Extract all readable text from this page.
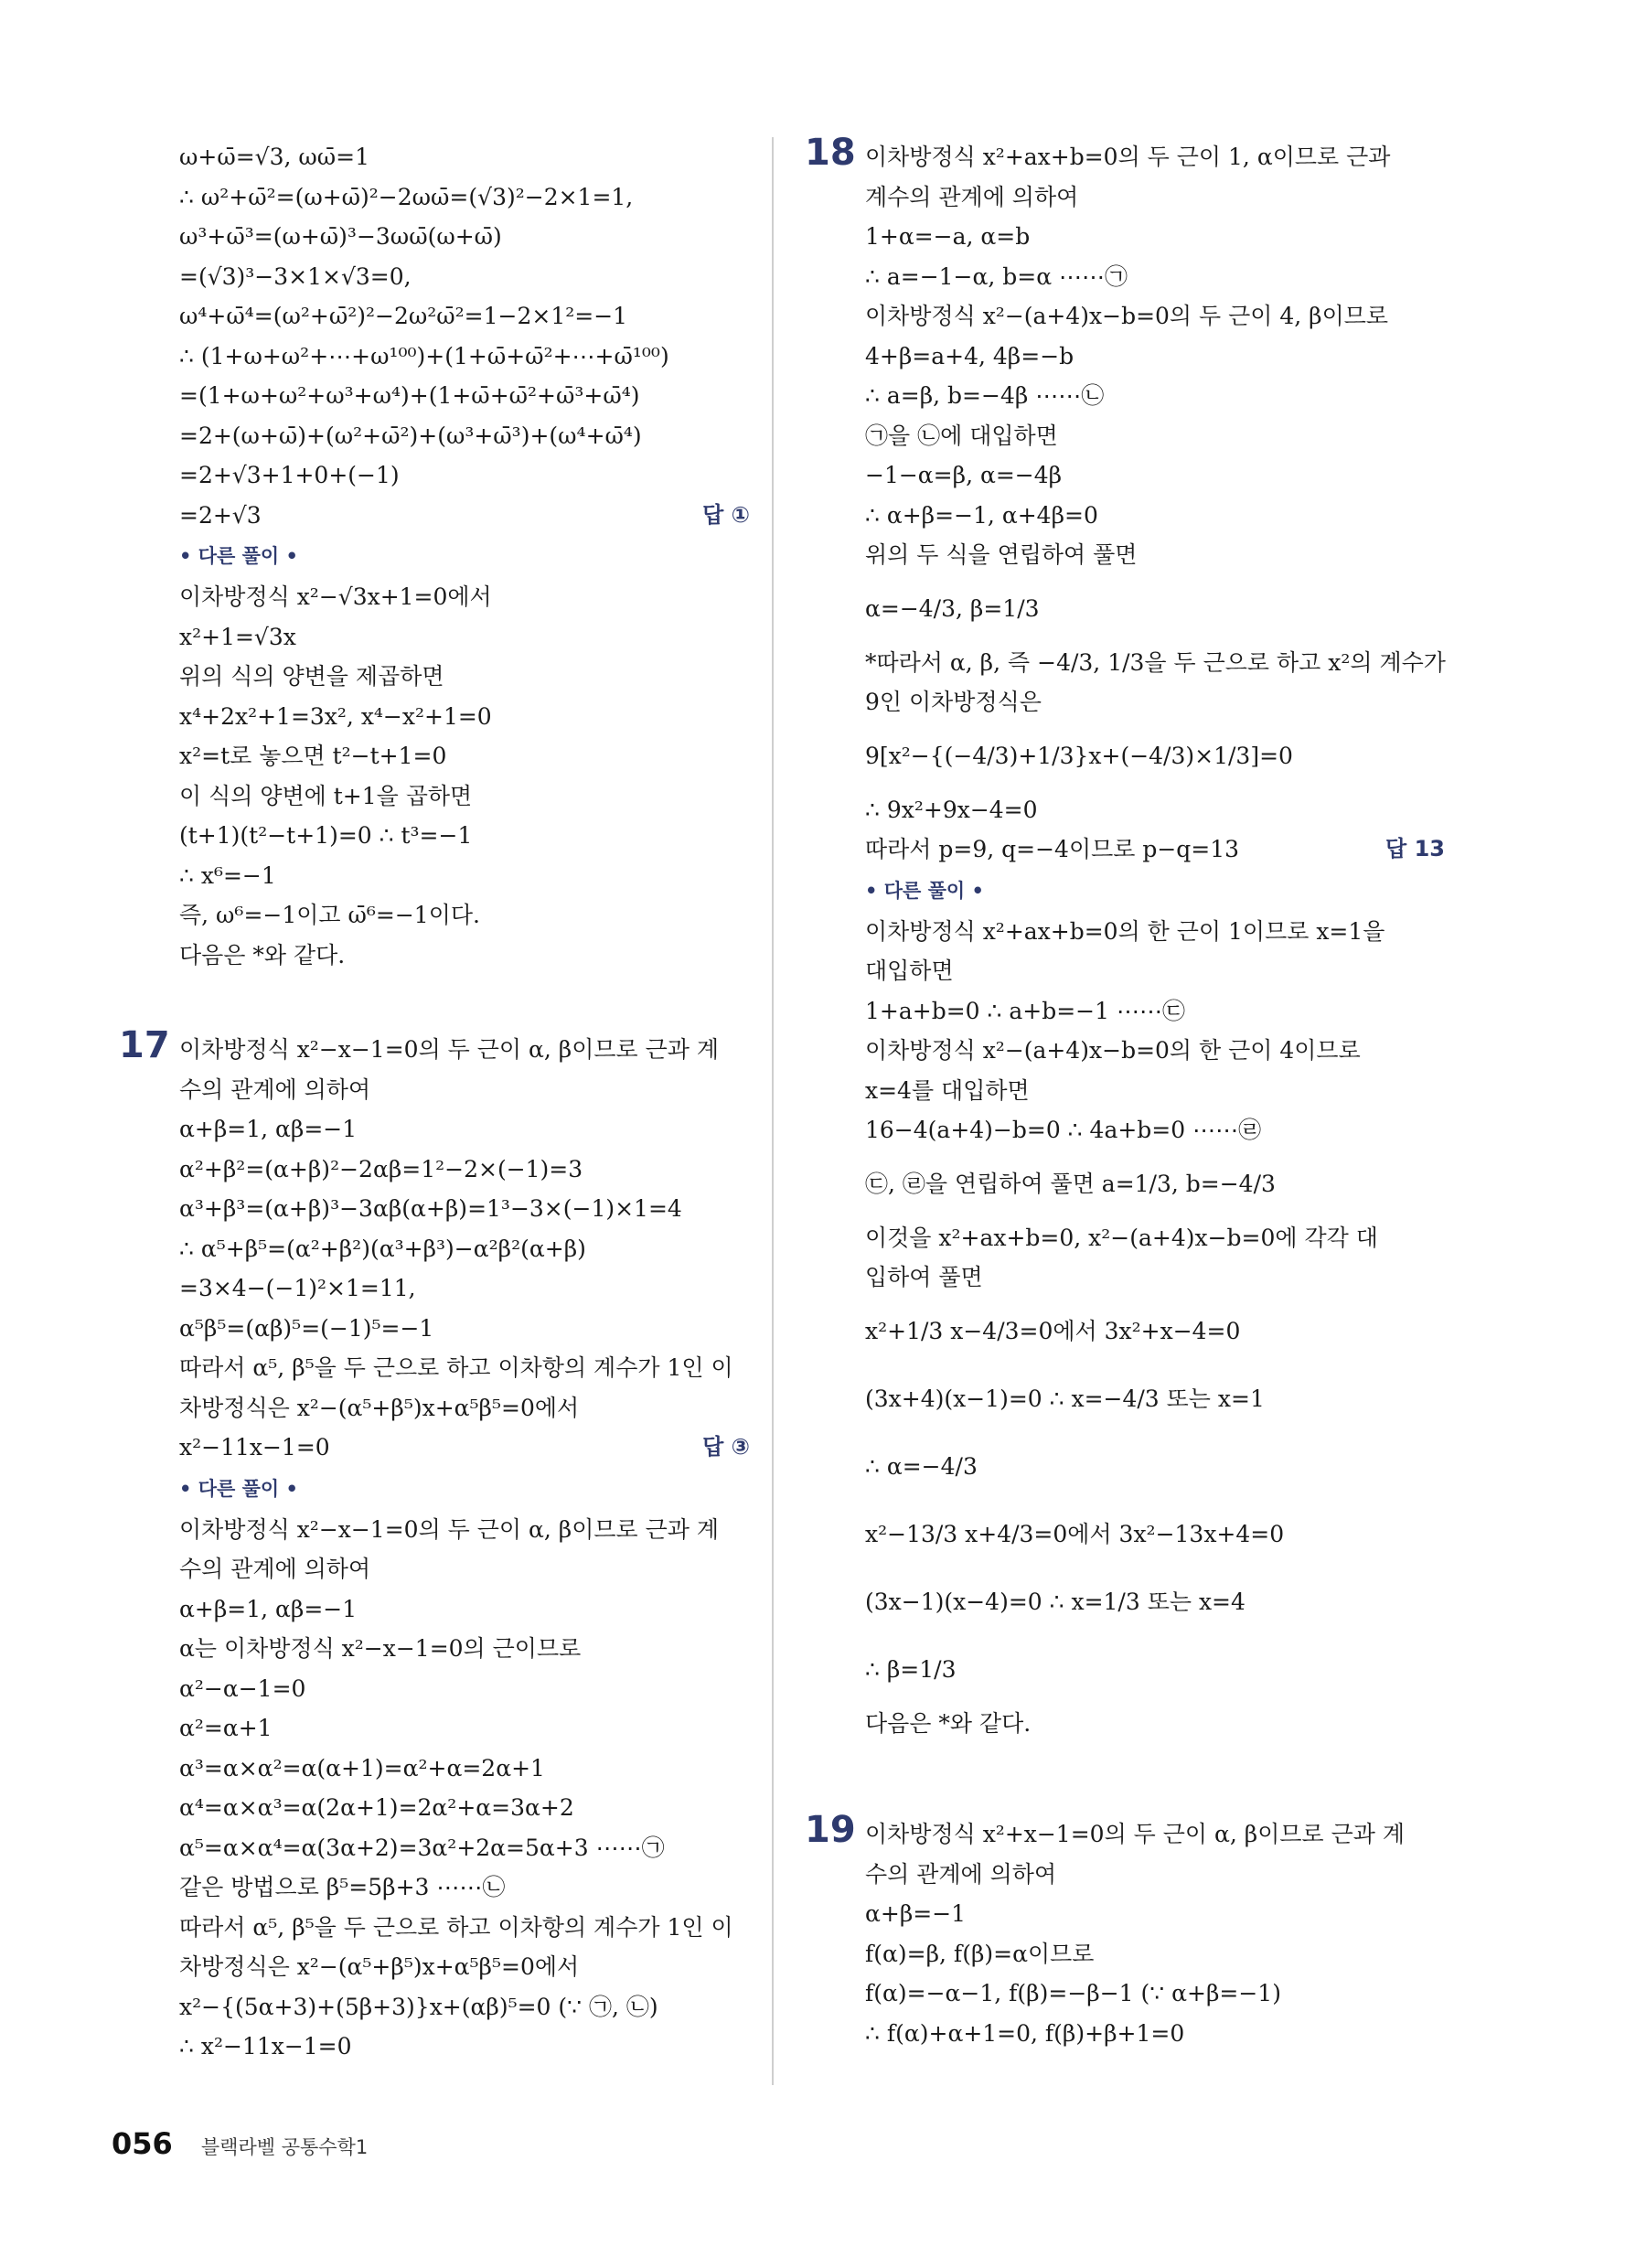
ω+ω̄=√3, ωω̄=1
∴ ω²+ω̄²=(ω+ω̄)²−2ωω̄=(√3)²−2×1=1,
ω³+ω̄³=(ω+ω̄)³−3ωω̄(ω+ω̄)
=(√3)³−3×1×√3=0,
ω⁴+ω̄⁴=(ω²+ω̄²)²−2ω²ω̄²=1−2×1²=−1
∴ (1+ω+ω²+⋯+ω¹⁰⁰)+(1+ω̄+ω̄²+⋯+ω̄¹⁰⁰)
=(1+ω+ω²+ω³+ω⁴)+(1+ω̄+ω̄²+ω̄³+ω̄⁴)
=2+(ω+ω̄)+(ω²+ω̄²)+(ω³+ω̄³)+(ω⁴+ω̄⁴)
=2+√3+1+0+(−1)
=2+√3	답 ①
• 다른 풀이 •
이차방정식 x²−√3x+1=0에서
x²+1=√3x
위의 식의 양변을 제곱하면
x⁴+2x²+1=3x², x⁴−x²+1=0
x²=t로 놓으면 t²−t+1=0
이 식의 양변에 t+1을 곱하면
(t+1)(t²−t+1)=0 ∴ t³=−1
∴ x⁶=−1
즉, ω⁶=−1이고 ω̄⁶=−1이다.
다음은 *와 같다.
17 이차방정식 x²−x−1=0의 두 근이 α, β이므로 근과 계
수의 관계에 의하여
α+β=1, αβ=−1
α²+β²=(α+β)²−2αβ=1²−2×(−1)=3
α³+β³=(α+β)³−3αβ(α+β)=1³−3×(−1)×1=4
∴ α⁵+β⁵=(α²+β²)(α³+β³)−α²β²(α+β)
=3×4−(−1)²×1=11,
α⁵β⁵=(αβ)⁵=(−1)⁵=−1
따라서 α⁵, β⁵을 두 근으로 하고 이차항의 계수가 1인 이
차방정식은 x²−(α⁵+β⁵)x+α⁵β⁵=0에서
x²−11x−1=0	답 ③
• 다른 풀이 •
이차방정식 x²−x−1=0의 두 근이 α, β이므로 근과 계
수의 관계에 의하여
α+β=1, αβ=−1
α는 이차방정식 x²−x−1=0의 근이므로
α²−α−1=0
α²=α+1
α³=α×α²=α(α+1)=α²+α=2α+1
α⁴=α×α³=α(2α+1)=2α²+α=3α+2
α⁵=α×α⁴=α(3α+2)=3α²+2α=5α+3 ⋯⋯㉠
같은 방법으로 β⁵=5β+3 ⋯⋯㉡
따라서 α⁵, β⁵을 두 근으로 하고 이차항의 계수가 1인 이
차방정식은 x²−(α⁵+β⁵)x+α⁵β⁵=0에서
x²−{(5α+3)+(5β+3)}x+(αβ)⁵=0 (∵ ㉠, ㉡)
∴ x²−11x−1=0
18 이차방정식 x²+ax+b=0의 두 근이 1, α이므로 근과
계수의 관계에 의하여
1+α=−a, α=b
∴ a=−1−α, b=α ⋯⋯㉠
이차방정식 x²−(a+4)x−b=0의 두 근이 4, β이므로
4+β=a+4, 4β=−b
∴ a=β, b=−4β ⋯⋯㉡
㉠을 ㉡에 대입하면
−1−α=β, α=−4β
∴ α+β=−1, α+4β=0
위의 두 식을 연립하여 풀면
α=−4/3, β=1/3
*따라서 α, β, 즉 −4/3, 1/3을 두 근으로 하고 x²의 계수가
9인 이차방정식은
9[x²−{(−4/3)+1/3}x+(−4/3)×1/3]=0
∴ 9x²+9x−4=0
따라서 p=9, q=−4이므로 p−q=13	답 13
• 다른 풀이 •
이차방정식 x²+ax+b=0의 한 근이 1이므로 x=1을
대입하면
1+a+b=0 ∴ a+b=−1 ⋯⋯㉢
이차방정식 x²−(a+4)x−b=0의 한 근이 4이므로
x=4를 대입하면
16−4(a+4)−b=0 ∴ 4a+b=0 ⋯⋯㉣
㉢, ㉣을 연립하여 풀면 a=1/3, b=−4/3
이것을 x²+ax+b=0, x²−(a+4)x−b=0에 각각 대
입하여 풀면
x²+1/3 x−4/3=0에서 3x²+x−4=0
(3x+4)(x−1)=0 ∴ x=−4/3 또는 x=1
∴ α=−4/3
x²−13/3 x+4/3=0에서 3x²−13x+4=0
(3x−1)(x−4)=0 ∴ x=1/3 또는 x=4
∴ β=1/3
다음은 *와 같다.
19 이차방정식 x²+x−1=0의 두 근이 α, β이므로 근과 계
수의 관계에 의하여
α+β=−1
f(α)=β, f(β)=α이므로
f(α)=−α−1, f(β)=−β−1 (∵ α+β=−1)
∴ f(α)+α+1=0, f(β)+β+1=0
056 블랙라벨 공통수학1
